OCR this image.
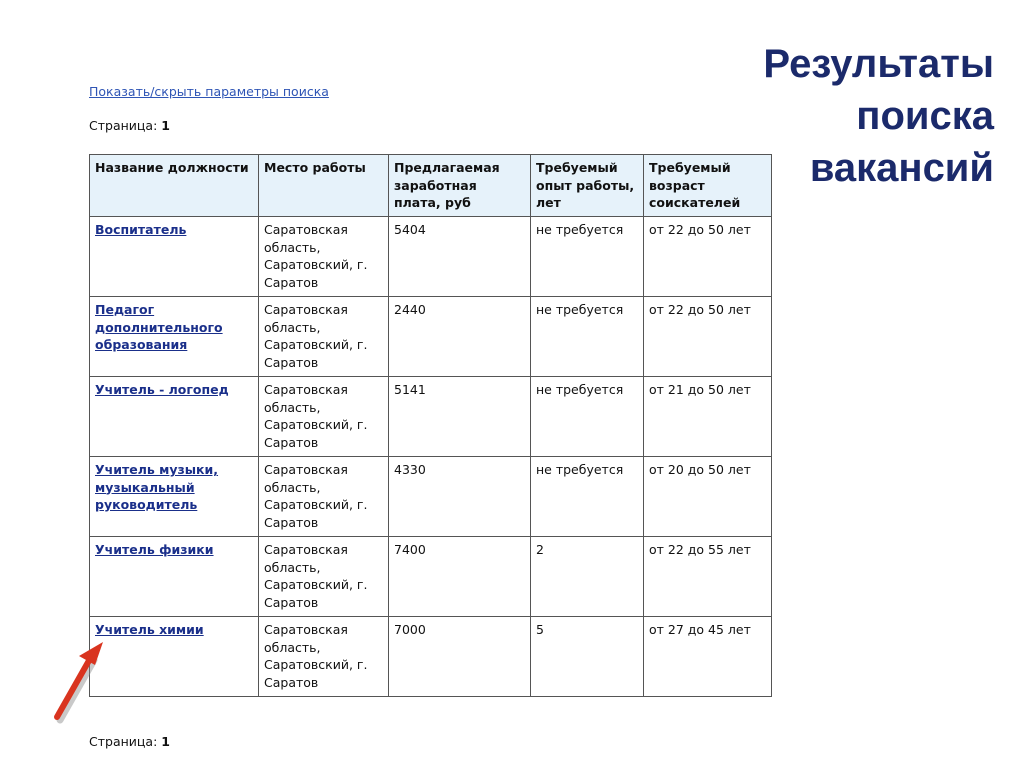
Результаты
поиска
вакансий
Показать/скрыть параметры поиска
Страница: 1
Название должности	Место работы	Предлагаемая заработная плата, руб	Требуемый опыт работы, лет	Требуемый возраст соискателей
Воспитатель	Саратовская область, Саратовский, г. Саратов	5404	не требуется	от 22 до 50 лет
Педагог дополнительного образования	Саратовская область, Саратовский, г. Саратов	2440	не требуется	от 22 до 50 лет
Учитель - логопед	Саратовская область, Саратовский, г. Саратов	5141	не требуется	от 21 до 50 лет
Учитель музыки, музыкальный руководитель	Саратовская область, Саратовский, г. Саратов	4330	не требуется	от 20 до 50 лет
Учитель физики	Саратовская область, Саратовский, г. Саратов	7400	2	от 22 до 55 лет
Учитель химии	Саратовская область, Саратовский, г. Саратов	7000	5	от 27 до 45 лет
Страница: 1
